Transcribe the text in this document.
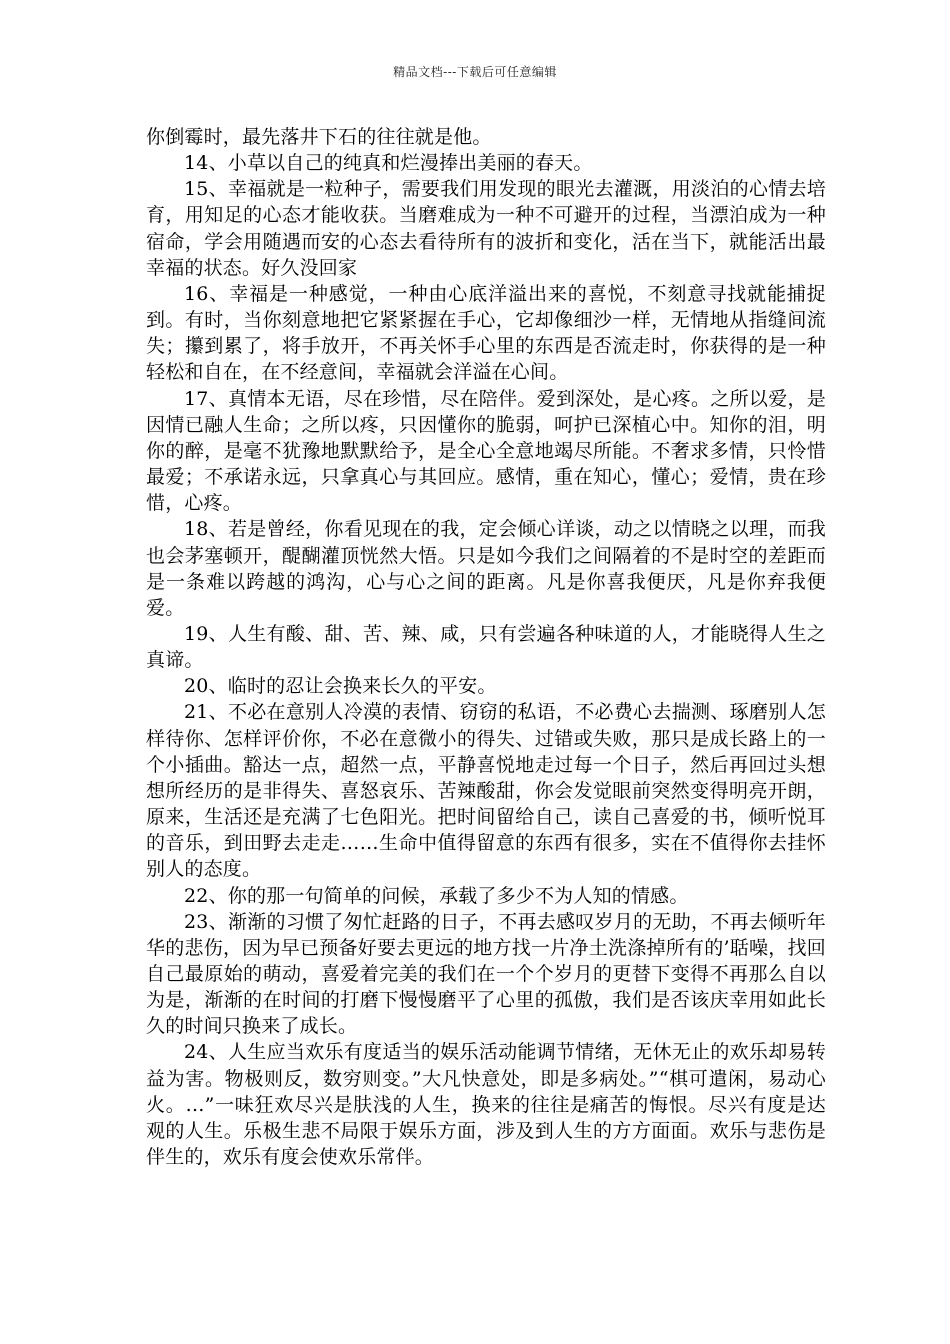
精品文档---下载后可任意编辑

你倒霉时，最先落井下石的往往就是他。

14、小草以自己的纯真和烂漫捧出美丽的春天。

15、幸福就是一粒种子，需要我们用发现的眼光去灌溉，用淡泊的心情去培育，用知足的心态才能收获。当磨难成为一种不可避开的过程，当漂泊成为一种宿命，学会用随遇而安的心态去看待所有的波折和变化，活在当下，就能活出最幸福的状态。好久没回家

16、幸福是一种感觉，一种由心底洋溢出来的喜悦，不刻意寻找就能捕捉到。有时，当你刻意地把它紧紧握在手心，它却像细沙一样，无情地从指缝间流失；攥到累了，将手放开，不再关怀手心里的东西是否流走时，你获得的是一种轻松和自在，在不经意间，幸福就会洋溢在心间。

17、真情本无语，尽在珍惜，尽在陪伴。爱到深处，是心疼。之所以爱，是因情已融人生命；之所以疼，只因懂你的脆弱，呵护已深植心中。知你的泪，明你的醉，是毫不犹豫地默默给予，是全心全意地竭尽所能。不奢求多情，只怜惜最爱；不承诺永远，只拿真心与其回应。感情，重在知心，懂心；爱情，贵在珍惜，心疼。

18、若是曾经，你看见现在的我，定会倾心详谈，动之以情晓之以理，而我也会茅塞顿开，醍醐灌顶恍然大悟。只是如今我们之间隔着的不是时空的差距而是一条难以跨越的鸿沟，心与心之间的距离。凡是你喜我便厌，凡是你弃我便爱。

19、人生有酸、甜、苦、辣、咸，只有尝遍各种味道的人，才能晓得人生之真谛。

20、临时的忍让会换来长久的平安。

21、不必在意别人冷漠的表情、窃窃的私语，不必费心去揣测、琢磨别人怎样待你、怎样评价你，不必在意微小的得失、过错或失败，那只是成长路上的一个小插曲。豁达一点，超然一点，平静喜悦地走过每一个日子，然后再回过头想想所经历的是非得失、喜怒哀乐、苦辣酸甜，你会发觉眼前突然变得明亮开朗，原来，生活还是充满了七色阳光。把时间留给自己，读自己喜爱的书，倾听悦耳的音乐，到田野去走走……生命中值得留意的东西有很多，实在不值得你去挂怀别人的态度。

22、你的那一句简单的问候，承载了多少不为人知的情感。

23、渐渐的习惯了匆忙赶路的日子，不再去感叹岁月的无助，不再去倾听年华的悲伤，因为早已预备好要去更远的地方找一片净土洗涤掉所有的’聒噪，找回自己最原始的萌动，喜爱着完美的我们在一个个岁月的更替下变得不再那么自以为是，渐渐的在时间的打磨下慢慢磨平了心里的孤傲，我们是否该庆幸用如此长久的时间只换来了成长。

24、人生应当欢乐有度适当的娱乐活动能调节情绪，无休无止的欢乐却易转益为害。物极则反，数穷则变。”大凡快意处，即是多病处。”“棋可遣闲，易动心火。…”一味狂欢尽兴是肤浅的人生，换来的往往是痛苦的悔恨。尽兴有度是达观的人生。乐极生悲不局限于娱乐方面，涉及到人生的方方面面。欢乐与悲伤是伴生的，欢乐有度会使欢乐常伴。
